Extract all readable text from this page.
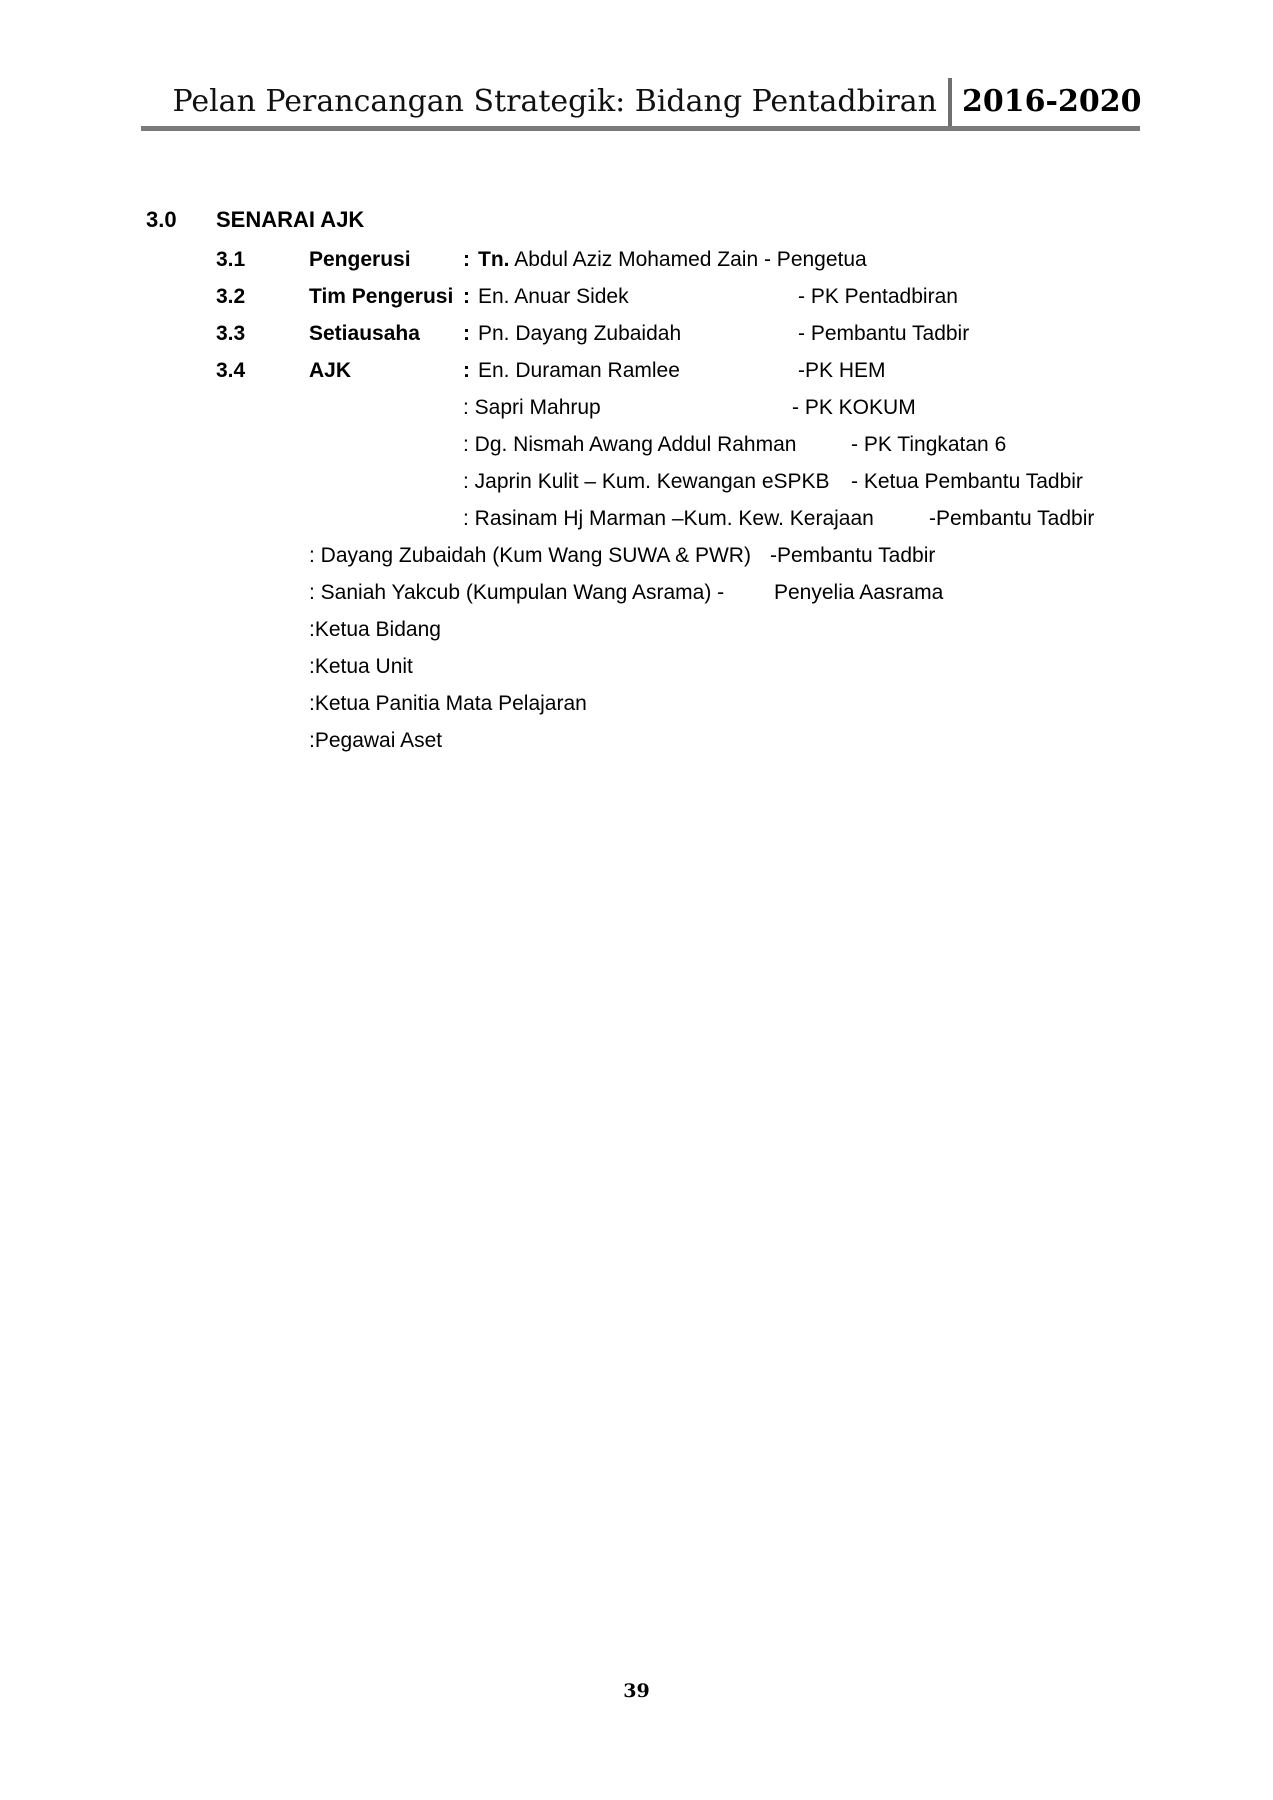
Pelan Perancangan Strategik: Bidang Pentadbiran 2016-2020
3.0 SENARAI AJK
3.1	Pengerusi : Tn. Abdul Aziz Mohamed Zain - Pengetua
3.2	Tim Pengerusi : En. Anuar Sidek	- PK Pentadbiran
3.3	Setiausaha : Pn. Dayang Zubaidah	- Pembantu Tadbir
3.4	AJK	: En. Duraman Ramlee	-PK HEM
: Sapri Mahrup	- PK KOKUM
: Dg. Nismah Awang Addul Rahman	- PK Tingkatan 6
: Japrin Kulit – Kum. Kewangan eSPKB - Ketua Pembantu Tadbir
: Rasinam Hj Marman –Kum. Kew. Kerajaan	-Pembantu Tadbir
: Dayang Zubaidah (Kum Wang SUWA & PWR) -Pembantu Tadbir
: Saniah Yakcub (Kumpulan Wang Asrama) - Penyelia Aasrama
:Ketua Bidang
:Ketua Unit
:Ketua Panitia Mata Pelajaran
:Pegawai Aset
39
